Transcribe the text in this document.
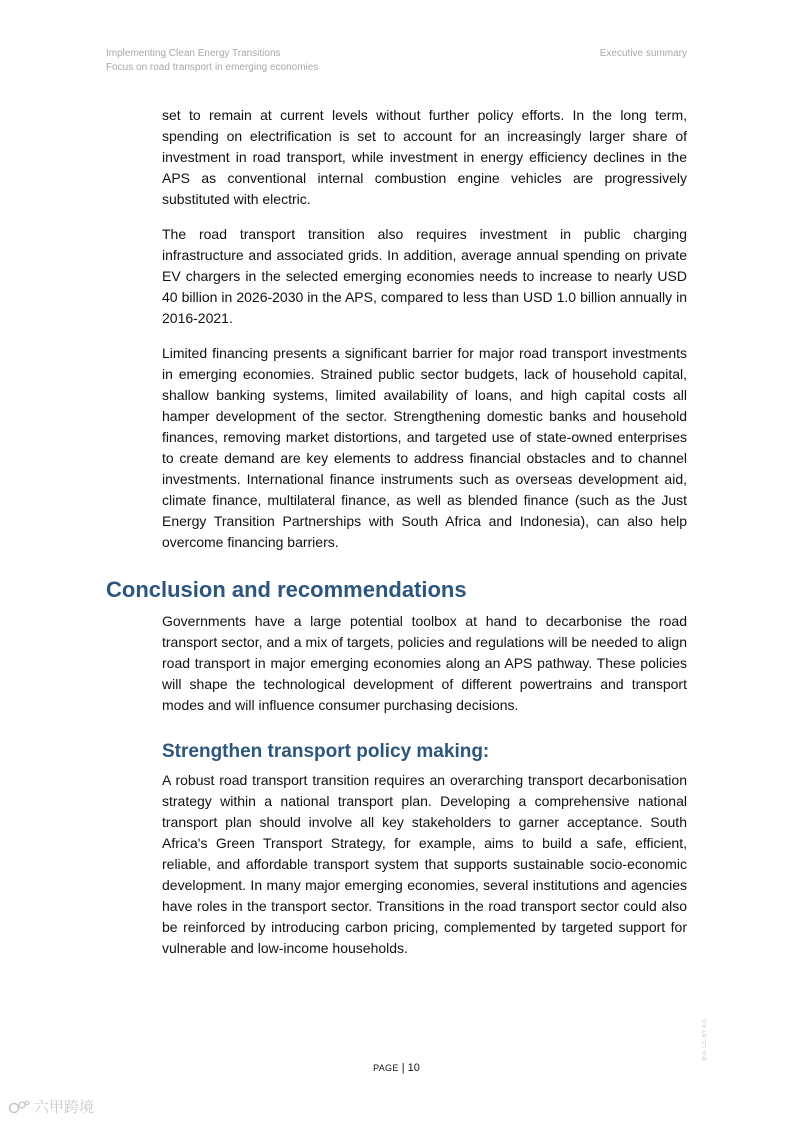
Implementing Clean Energy Transitions
Focus on road transport in emerging economies
Executive summary

set to remain at current levels without further policy efforts. In the long term, spending on electrification is set to account for an increasingly larger share of investment in road transport, while investment in energy efficiency declines in the APS as conventional internal combustion engine vehicles are progressively substituted with electric.

The road transport transition also requires investment in public charging infrastructure and associated grids. In addition, average annual spending on private EV chargers in the selected emerging economies needs to increase to nearly USD 40 billion in 2026-2030 in the APS, compared to less than USD 1.0 billion annually in 2016-2021.

Limited financing presents a significant barrier for major road transport investments in emerging economies. Strained public sector budgets, lack of household capital, shallow banking systems, limited availability of loans, and high capital costs all hamper development of the sector. Strengthening domestic banks and household finances, removing market distortions, and targeted use of state-owned enterprises to create demand are key elements to address financial obstacles and to channel investments. International finance instruments such as overseas development aid, climate finance, multilateral finance, as well as blended finance (such as the Just Energy Transition Partnerships with South Africa and Indonesia), can also help overcome financing barriers.

Conclusion and recommendations

Governments have a large potential toolbox at hand to decarbonise the road transport sector, and a mix of targets, policies and regulations will be needed to align road transport in major emerging economies along an APS pathway. These policies will shape the technological development of different powertrains and transport modes and will influence consumer purchasing decisions.

Strengthen transport policy making:

A robust road transport transition requires an overarching transport decarbonisation strategy within a national transport plan. Developing a comprehensive national transport plan should involve all key stakeholders to garner acceptance. South Africa's Green Transport Strategy, for example, aims to build a safe, efficient, reliable, and affordable transport system that supports sustainable socio-economic development. In many major emerging economies, several institutions and agencies have roles in the transport sector. Transitions in the road transport sector could also be reinforced by introducing carbon pricing, complemented by targeted support for vulnerable and low-income households.

PAGE | 10
IEA. CC BY 4.0.
六甲跨境
